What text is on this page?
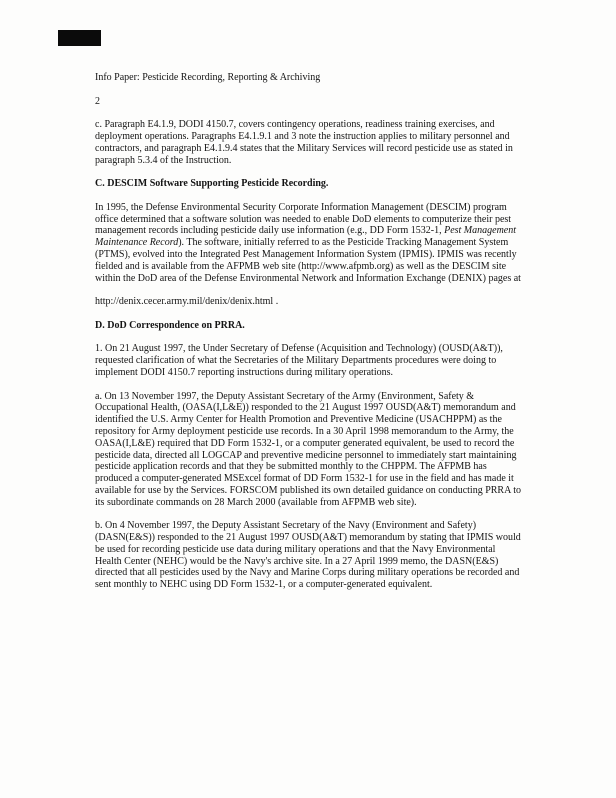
Info Paper: Pesticide Recording, Reporting & Archiving

2

c. Paragraph E4.1.9, DODI 4150.7, covers contingency operations, readiness training exercises, and deployment operations. Paragraphs E4.1.9.1 and 3 note the instruction applies to military personnel and contractors, and paragraph E4.1.9.4 states that the Military Services will record pesticide use as stated in paragraph 5.3.4 of the Instruction.

C. DESCIM Software Supporting Pesticide Recording.

In 1995, the Defense Environmental Security Corporate Information Management (DESCIM) program office determined that a software solution was needed to enable DoD elements to computerize their pest management records including pesticide daily use information (e.g., DD Form 1532-1, Pest Management Maintenance Record). The software, initially referred to as the Pesticide Tracking Management System (PTMS), evolved into the Integrated Pest Management Information System (IPMIS). IPMIS was recently fielded and is available from the AFPMB web site (http://www.afpmb.org) as well as the DESCIM site within the DoD area of the Defense Environmental Network and Information Exchange (DENIX) pages at

http://denix.cecer.army.mil/denix/denix.html .

D. DoD Correspondence on PRRA.

1. On 21 August 1997, the Under Secretary of Defense (Acquisition and Technology) (OUSD(A&T)), requested clarification of what the Secretaries of the Military Departments procedures were doing to implement DODI 4150.7 reporting instructions during military operations.

a. On 13 November 1997, the Deputy Assistant Secretary of the Army (Environment, Safety & Occupational Health, (OASA(I,L&E)) responded to the 21 August 1997 OUSD(A&T) memorandum and identified the U.S. Army Center for Health Promotion and Preventive Medicine (USACHPPM) as the repository for Army deployment pesticide use records. In a 30 April 1998 memorandum to the Army, the OASA(I,L&E) required that DD Form 1532-1, or a computer generated equivalent, be used to record the pesticide data, directed all LOGCAP and preventive medicine personnel to immediately start maintaining pesticide application records and that they be submitted monthly to the CHPPM. The AFPMB has produced a computer-generated MSExcel format of DD Form 1532-1 for use in the field and has made it available for use by the Services. FORSCOM published its own detailed guidance on conducting PRRA to its subordinate commands on 28 March 2000 (available from AFPMB web site).

b. On 4 November 1997, the Deputy Assistant Secretary of the Navy (Environment and Safety) (DASN(E&S)) responded to the 21 August 1997 OUSD(A&T) memorandum by stating that IPMIS would be used for recording pesticide use data during military operations and that the Navy Environmental Health Center (NEHC) would be the Navy's archive site. In a 27 April 1999 memo, the DASN(E&S) directed that all pesticides used by the Navy and Marine Corps during military operations be recorded and sent monthly to NEHC using DD Form 1532-1, or a computer-generated equivalent.
